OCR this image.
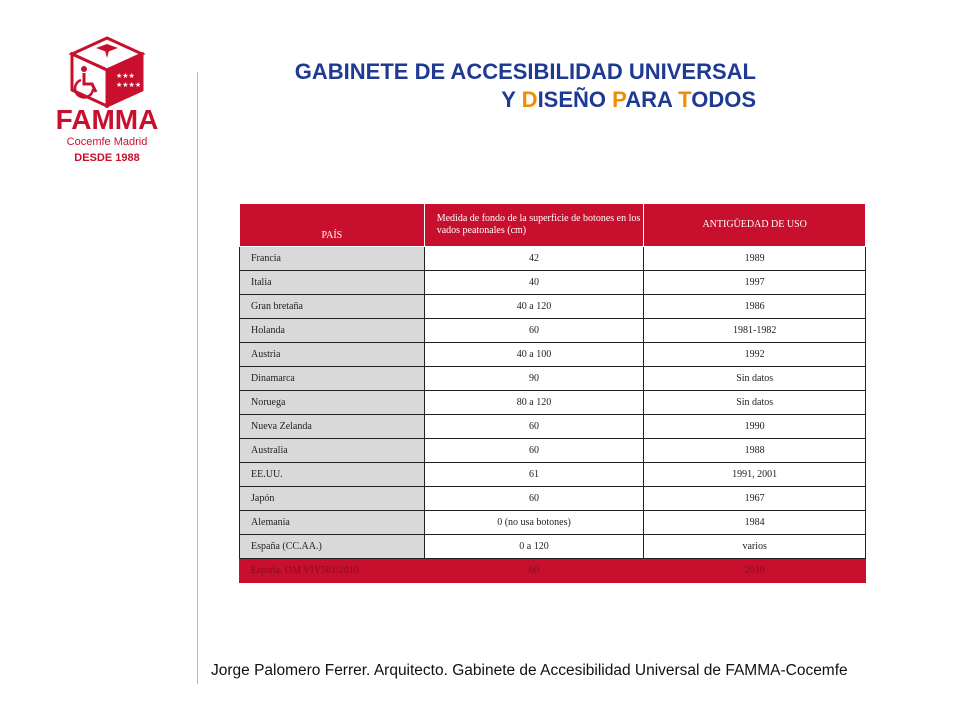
★★★
★★★★
FAMMA
Cocemfe Madrid
DESDE 1988
GABINETE DE ACCESIBILIDAD UNIVERSAL
Y DISEÑO PARA TODOS
PAÍS	Medida de fondo de la superficie de botones en los vados peatonales (cm)	ANTIGÜEDAD DE USO
Francia	42	1989
Italia	40	1997
Gran bretaña	40 a 120	1986
Holanda	60	1981-1982
Austria	40 a 100	1992
Dinamarca	90	Sin datos
Noruega	80 a 120	Sin datos
Nueva Zelanda	60	1990
Australia	60	1988
EE.UU.	61	1991, 2001
Japón	60	1967
Alemania	0 (no usa botones)	1984
España (CC.AA.)	0 a 120	varios
España, OM VIV561/2010	60	2010
Jorge Palomero Ferrer. Arquitecto. Gabinete de Accesibilidad Universal de FAMMA-Cocemfe
